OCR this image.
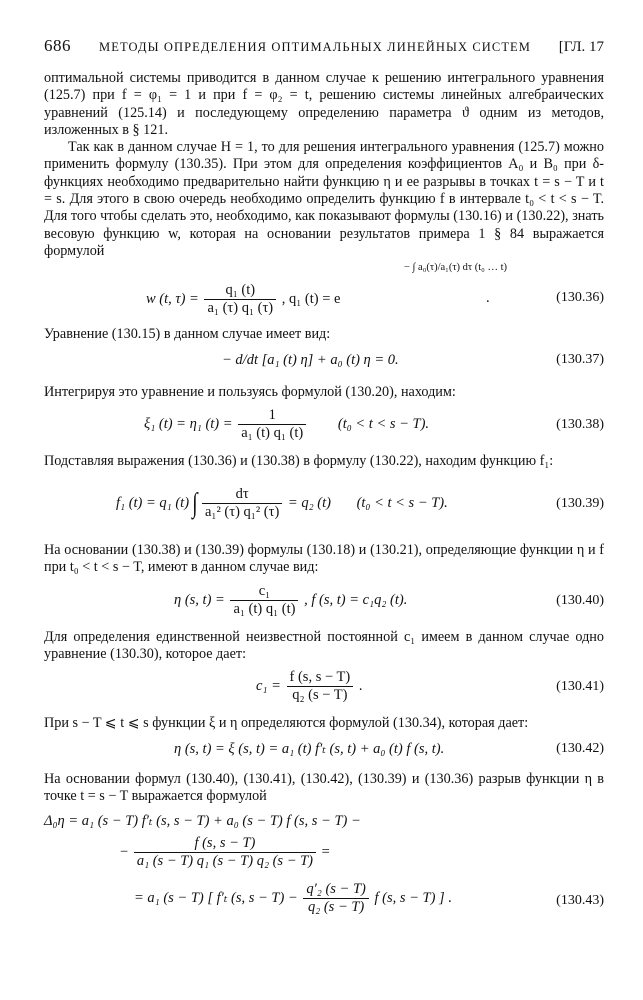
686 МЕТОДЫ ОПРЕДЕЛЕНИЯ ОПТИМАЛЬНЫХ ЛИНЕЙНЫХ СИСТЕМ	[ГЛ. 17

оптимальной системы приводится в данном случае к решению интегрального уравнения (125.7) при f = φ₁ = 1 и при f = φ₂ = t, решению системы линейных алгебраических уравнений (125.14) и последующему определению параметра ϑ одним из методов, изложенных в § 121.

Так как в данном случае H = 1, то для решения интегрального уравнения (125.7) можно применить формулу (130.35). При этом для определения коэффициентов A₀ и B₀ при δ-функциях необходимо предварительно найти функцию η и ее разрывы в точках t = s − T и t = s. Для этого в свою очередь необходимо определить функцию f в интервале t₀ < t < s − T. Для того чтобы сделать это, необходимо, как показывают формулы (130.16) и (130.22), знать весовую функцию w, которая на основании результатов примера 1 § 84 выражается формулой

w (t, $\tau) = \frac{\text{q₁ (t)}}{\text{a₁ (τ) q₁ (τ)}}$ , q₁ (t) = e
− ∫ a₀(τ)/a₁(τ) dτ (t₀ … t)
.	(130.36)

Уравнение (130.15) в данном случае имеет вид:

− d/dt [a₁ (t) η] + a₀ (t) η = 0.	(130.37)

Интегрируя это уравнение и пользуясь формулой (130.20), находим:

ξ₁ (t) = η₁ $(t) = \frac{1}{\text{a₁ (t) q₁ (t)}} (t_0 < t < s - T)$.	(130.38)

Подставляя выражения (130.36) и (130.38) в формулу (130.22), находим функцию f₁:

f₁ (t) = q₁ (t) ∫ $\frac{d\tau}{\text{a₁² (τ) q₁² (τ)}} = q_2$ (t) (t₀ < t < s − T).	(130.39)

На основании (130.38) и (130.39) формулы (130.18) и (130.21), определяющие функции η и f при t₀ < t < s − T, имеют в данном случае вид:

η (s, $t) = \frac{\text{c₁}}{\text{a₁ (t) q₁ (t)}}$ , f (s, t) = c₁q₂ (t).	(130.40)

Для определения единственной неизвестной постоянной c₁ имеем в данном случае одно уравнение (130.30), которое дает:

$c_1 = \frac{f (s, s - T)}{\text{q₂ (s − T)}}$ .	(130.41)

При s − T ⩽ t ⩽ s функции ξ и η определяются формулой (130.34), которая дает:

η (s, t) = ξ (s, t) = a₁ (t) f′ₜ (s, t) + a₀ (t) f (s, t).	(130.42)

На основании формул (130.40), (130.41), (130.42), (130.39) и (130.36) разрыв функции η в точке t = s − T выражается формулой

Δ₀η = a₁ (s − T) f′ₜ (s, s − T) + a₀ (s − T) f (s, s − T) −
− $\frac{f (s, s - T)}{\text{a₁ (s − T) q₁ (s − T) q₂ (s − T)}}$ =
= a₁ (s − T) [ f′ₜ (s, $s - T) - \frac{\text{q′₂ (s − T)}}{\text{q₂ (s − T)}}$ f (s, s − T) ] .	(130.43)
